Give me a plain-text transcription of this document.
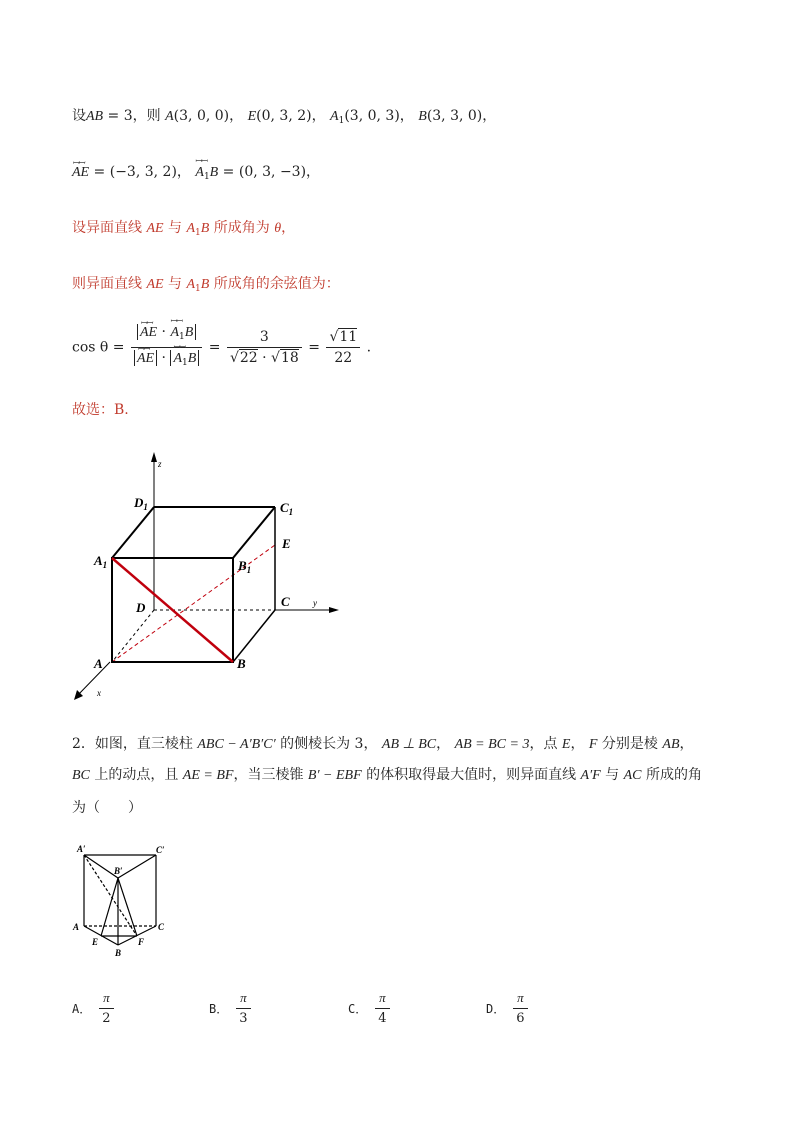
设AB = 3，则 A(3, 0, 0)， E(0, 3, 2)， $A_1(3$, 0, 3)， B(3, 3, 0)，
ꟷꟷ AE = (−3, 3, 2)， ꟷꟷ $A_1B = (0$, 3, −3)，
设异面直线 AE 与 $A_1B$ 所成角为 θ，
则异面直线 AE 与 $A_1B$ 所成角的余弦值为：
cos θ = ꟷꟷ AE · ꟷꟷ $A_1B$
ꟷꟷ AE · ꟷꟷ $A_1B = \frac{3}{√22 \cdot √18} = \frac{√11}{22}$ .
故选：B.
z
y
x
$D_1$	$C_1$
E
$A_1$	$B_1$
D	C
A	B
2．如图，直三棱柱 ABC − A′B′C′ 的侧棱长为 3， AB ⊥ BC， AB = BC = 3，点 E， F 分别是棱 AB，
BC 上的动点，且 AE = BF，当三棱锥 B′ − EBF 的体积取得最大值时，则异面直线 A′F 与 AC 所成的角
为（　　）
A′
B′
C′
A
E
B
F
C
A． $\frac{\pi}{2}$	B． $\frac{\pi}{3}$	C． $\frac{\pi}{4}$	D． $\frac{\pi}{6}$
